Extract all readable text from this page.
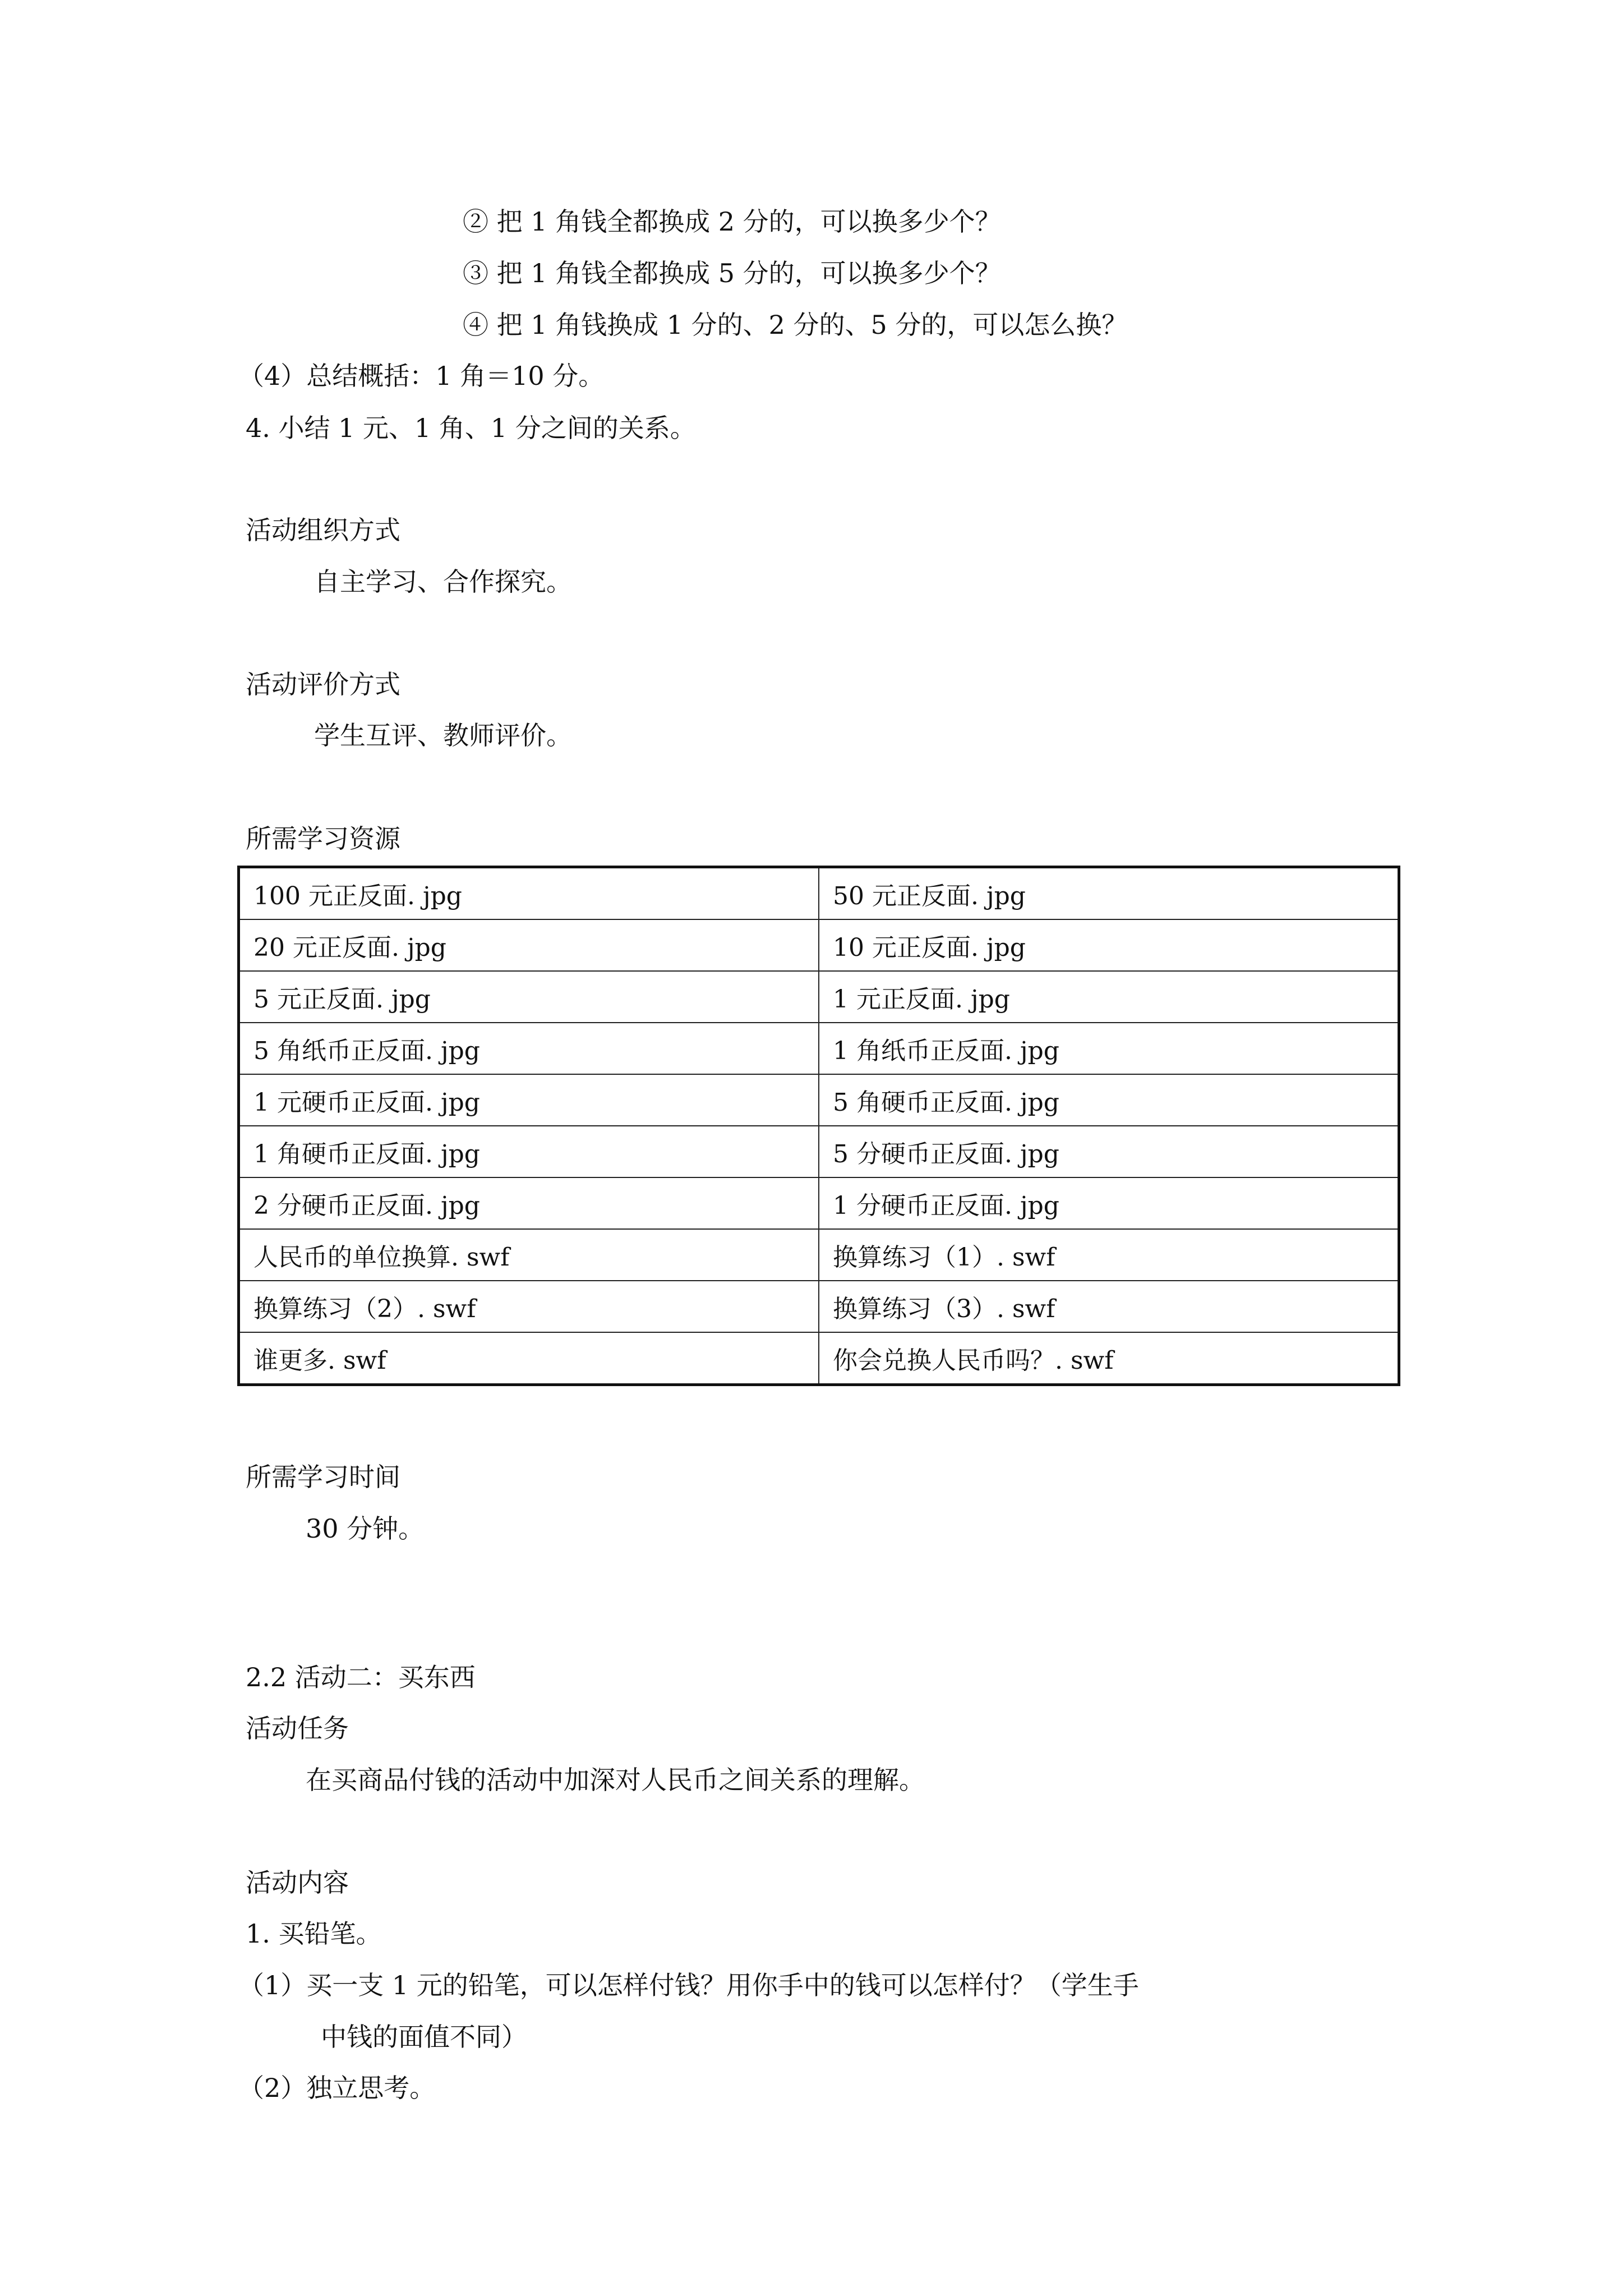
② 把 1 角钱全都换成 2 分的，可以换多少个？
③ 把 1 角钱全都换成 5 分的，可以换多少个？
④ 把 1 角钱换成 1 分的、2 分的、5 分的，可以怎么换？
（4）总结概括：1 角＝10 分。
4. 小结 1 元、1 角、1 分之间的关系。
活动组织方式
自主学习、合作探究。
活动评价方式
学生互评、教师评价。
所需学习资源
100 元正反面. jpg	50 元正反面. jpg
20 元正反面. jpg	10 元正反面. jpg
5 元正反面. jpg	1 元正反面. jpg
5 角纸币正反面. jpg	1 角纸币正反面. jpg
1 元硬币正反面. jpg	5 角硬币正反面. jpg
1 角硬币正反面. jpg	5 分硬币正反面. jpg
2 分硬币正反面. jpg	1 分硬币正反面. jpg
人民币的单位换算. swf	换算练习（1）. swf
换算练习（2）. swf	换算练习（3）. swf
谁更多. swf	你会兑换人民币吗？. swf
所需学习时间
30 分钟。
2.2 活动二：买东西
活动任务
在买商品付钱的活动中加深对人民币之间关系的理解。
活动内容
1. 买铅笔。
（1）买一支 1 元的铅笔，可以怎样付钱？用你手中的钱可以怎样付？（学生手
中钱的面值不同）
（2）独立思考。
